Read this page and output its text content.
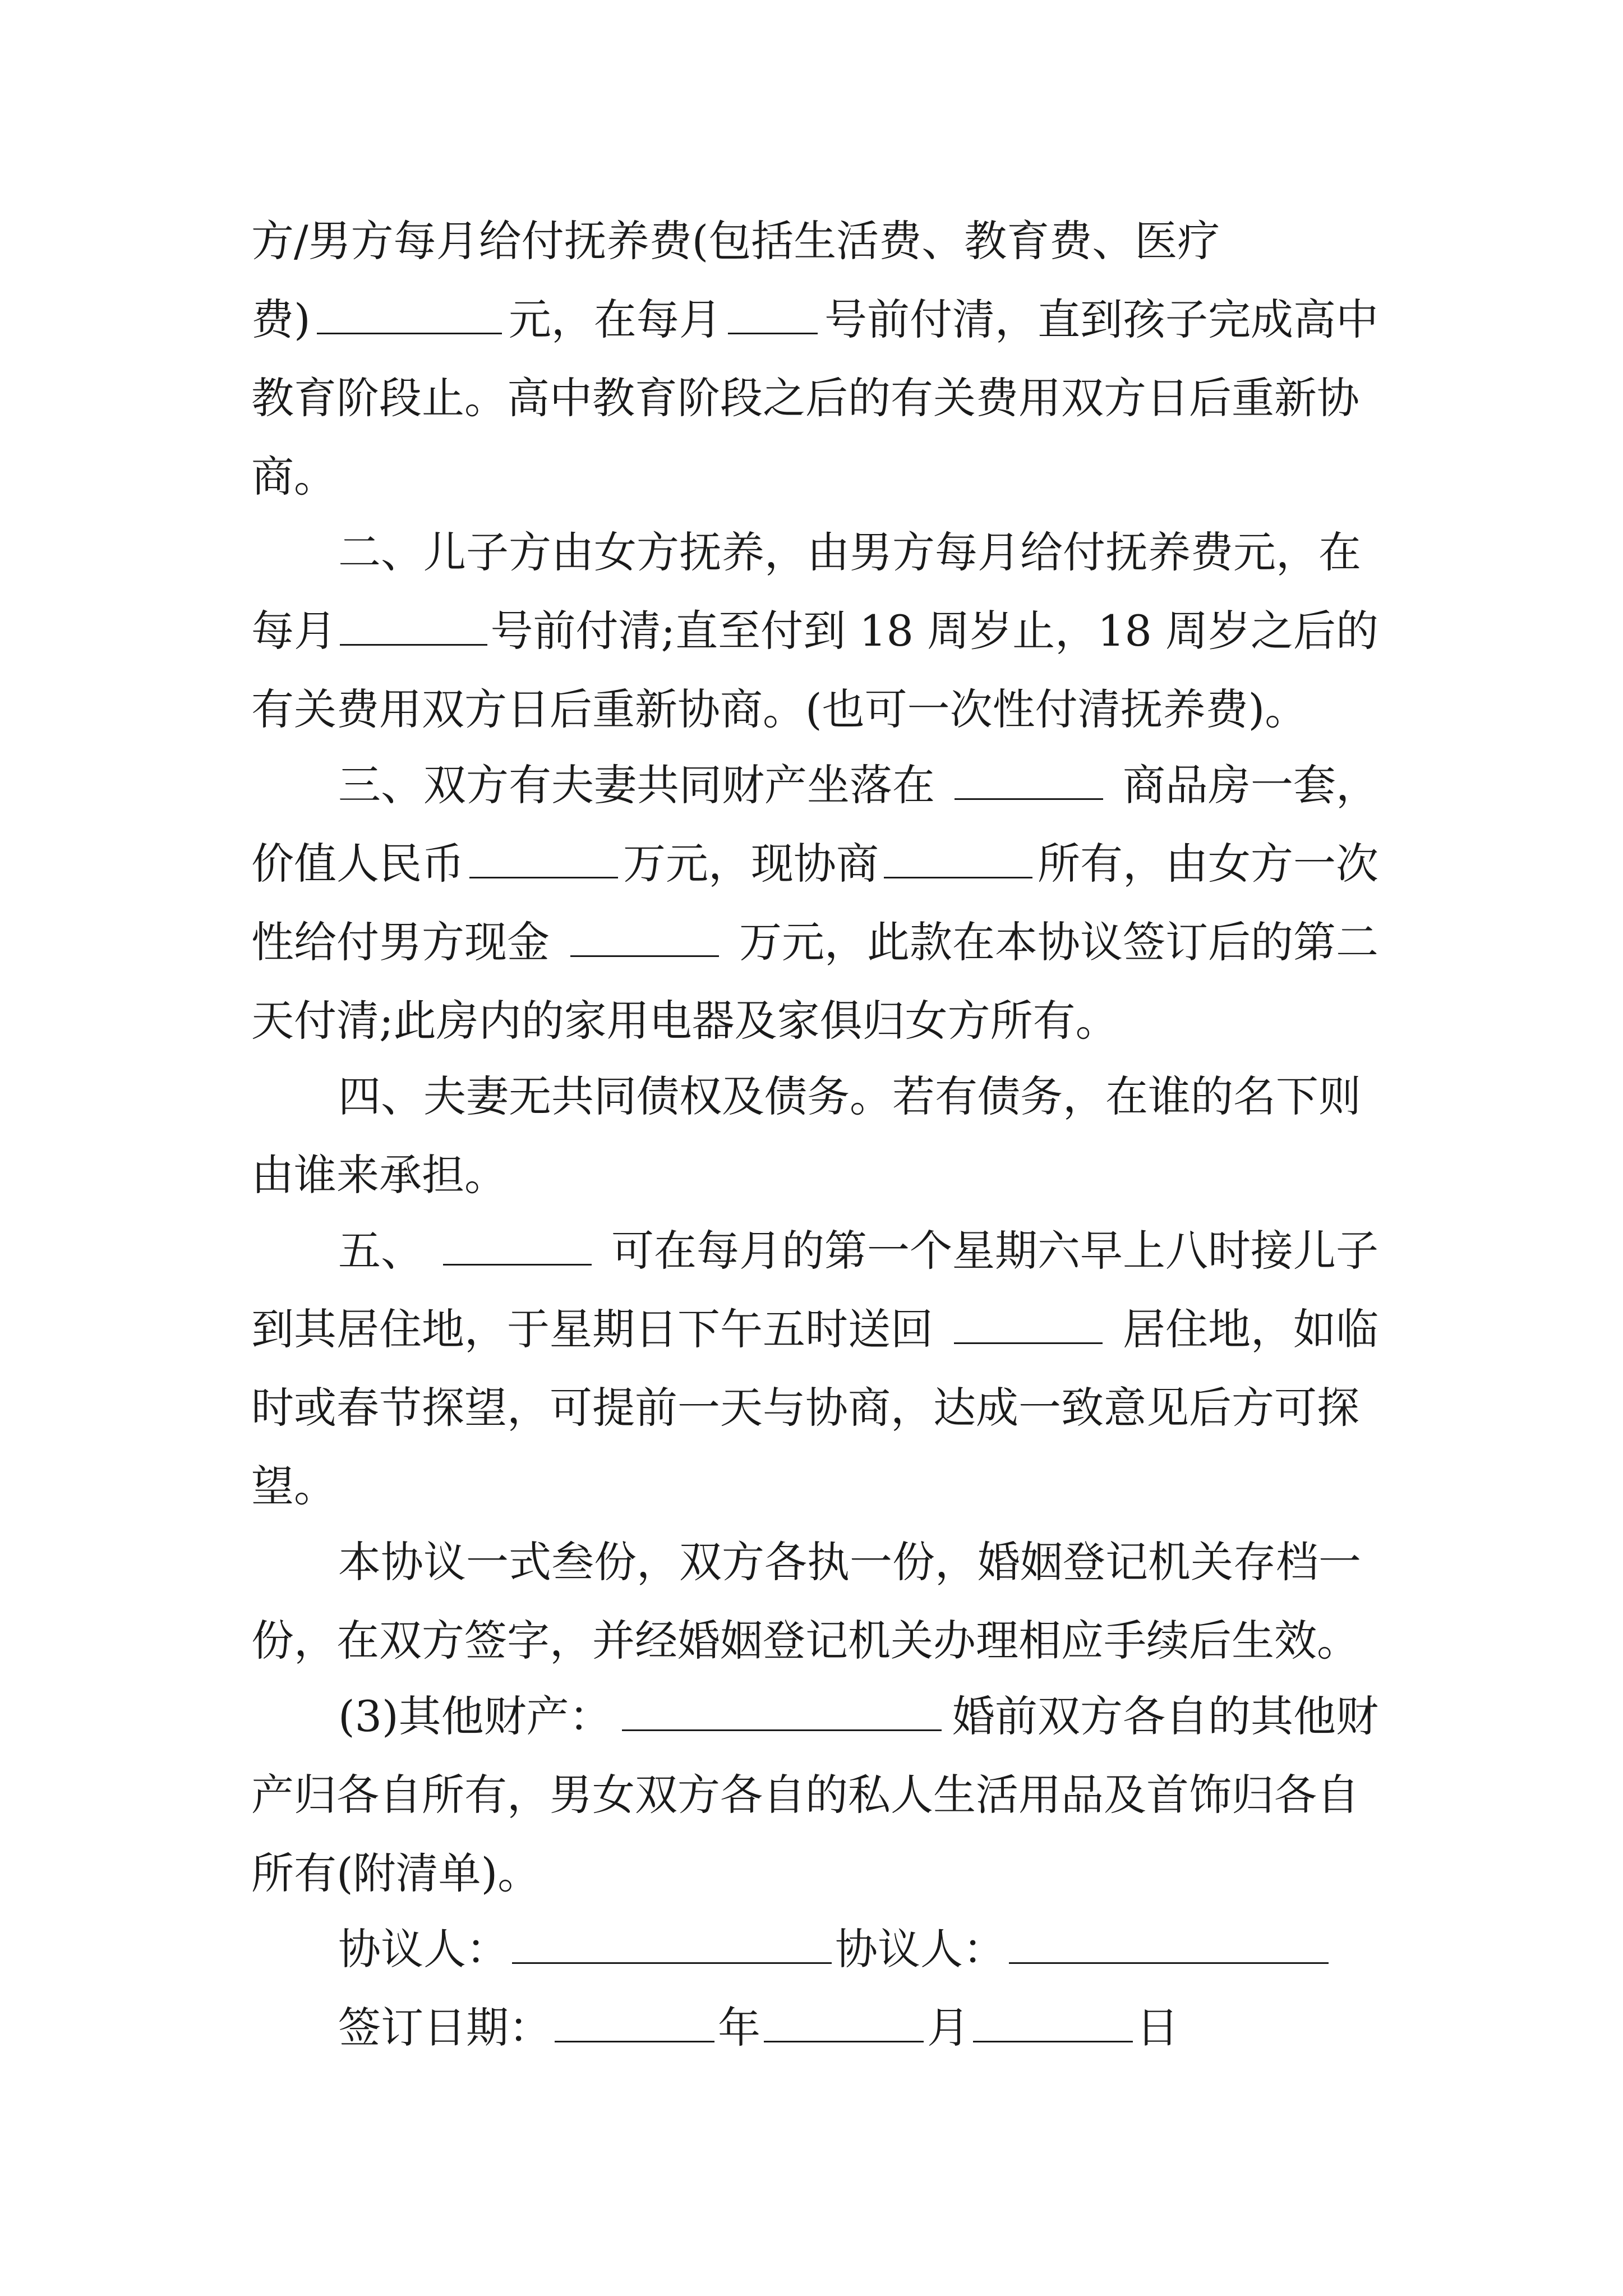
方/男方每月给付抚养费(包括生活费、教育费、医疗
费)	元，在每月 号前付清，直到孩子完成高中
教育阶段止。高中教育阶段之后的有关费用双方日后重新协
商。
二、儿子方由女方抚养，由男方每月给付抚养费元，在
每月	号前付清;直至付到 18 周岁止，18 周岁之后的
有关费用双方日后重新协商。(也可一次性付清抚养费)。
三、双方有夫妻共同财产坐落在	商品房一套，
价值人民币	万元，现协商	所有，由女方一次
性给付男方现金	万元，此款在本协议签订后的第二
天付清;此房内的家用电器及家俱归女方所有。
四、夫妻无共同债权及债务。若有债务，在谁的名下则
由谁来承担。
五、	可在每月的第一个星期六早上八时接儿子
到其居住地，于星期日下午五时送回	居住地，如临
时或春节探望，可提前一天与协商，达成一致意见后方可探
望。
本协议一式叁份，双方各执一份，婚姻登记机关存档一
份，在双方签字，并经婚姻登记机关办理相应手续后生效。
(3)其他财产：	婚前双方各自的其他财
产归各自所有，男女双方各自的私人生活用品及首饰归各自
所有(附清单)。
协议人：	协议人：
签订日期：	年	月	日
